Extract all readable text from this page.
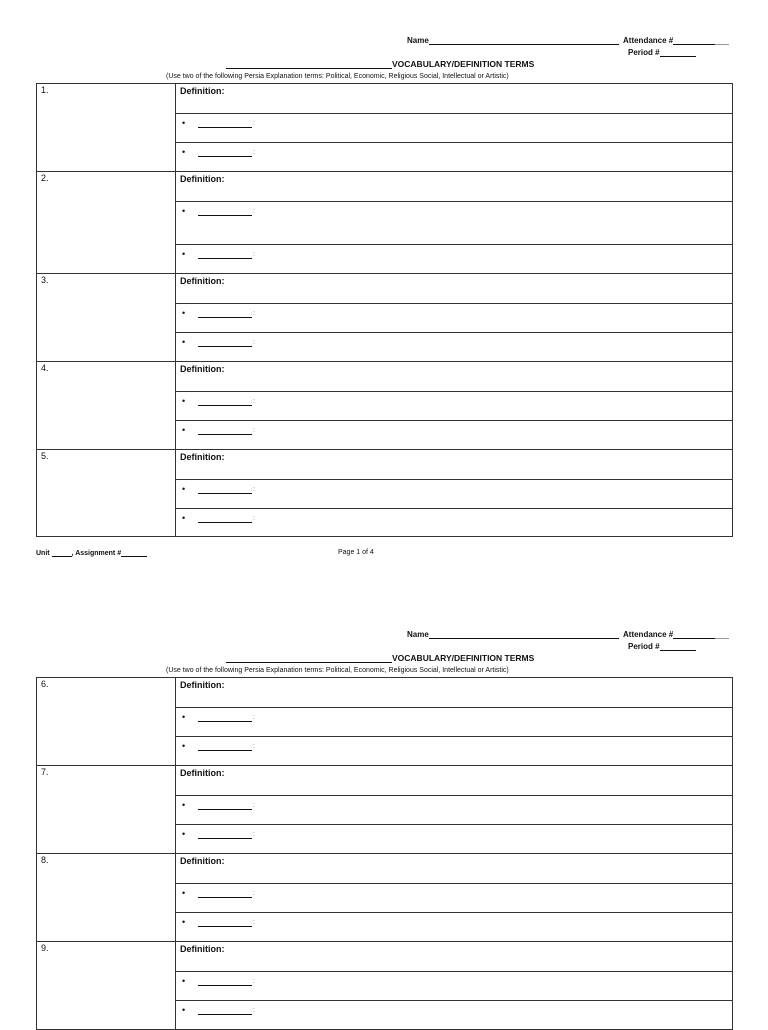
Name	Attendance #
Period #
VOCABULARY/DEFINITION TERMS
(Use two of the following Persia Explanation terms: Political, Economic, Religious Social, Intellectual or Artistic)
1.	Definition:
	• :
	• :
2.	Definition:
	• :
	• :
3.	Definition:
	• :
	• :
4.	Definition:
	• :
	• :
5.	Definition:
	• :
	• :
Unit	, Assignment #	Page 1 of 4
Name	Attendance #
Period #
VOCABULARY/DEFINITION TERMS
(Use two of the following Persia Explanation terms: Political, Economic, Religious Social, Intellectual or Artistic)
6.	Definition:
	• :
	• :
7.	Definition:
	• :
	• :
8.	Definition:
	• :
	• :
9.	Definition:
	• :
	• :
